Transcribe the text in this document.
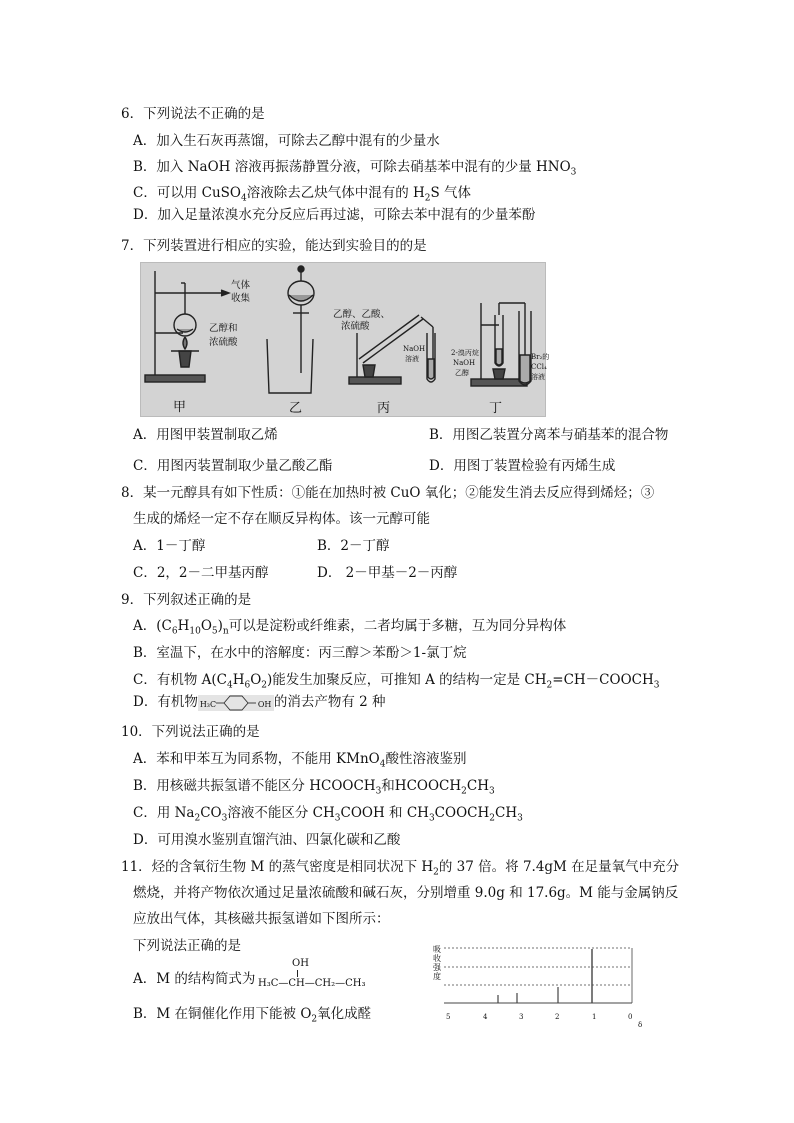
6．下列说法不正确的是
A．加入生石灰再蒸馏，可除去乙醇中混有的少量水
B．加入 NaOH 溶液再振荡静置分液，可除去硝基苯中混有的少量 $HNO_3$
C．可以用 CuSO$_4$溶液除去乙炔气体中混有的 $H_2S$ 气体
D．加入足量浓溴水充分反应后再过滤，可除去苯中混有的少量苯酚
7．下列装置进行相应的实验，能达到实验目的的是
气体
收集
乙醇和
浓硫酸
乙醇、乙酸、
浓硫酸
NaOH
溶液
2-溴丙烷
NaOH
乙醇
Br₂的
CCl₄
溶液
甲	乙	丙	丁
A．用图甲装置制取乙烯	B．用图乙装置分离苯与硝基苯的混合物
C．用图丙装置制取少量乙酸乙酯	D．用图丁装置检验有丙烯生成
8．某一元醇具有如下性质：①能在加热时被 CuO 氧化；②能发生消去反应得到烯烃；③
生成的烯烃一定不存在顺反异构体。该一元醇可能
A．1－丁醇	B．2－丁醇
C．2，2－二甲基丙醇	D． 2－甲基－2－丙醇
9．下列叙述正确的是
A．$(C_6H_{10}O_5)_n$可以是淀粉或纤维素，二者均属于多糖，互为同分异构体
B．室温下，在水中的溶解度：丙三醇＞苯酚＞1-氯丁烷
C．有机物 $A(C_4H_6O_2)$能发生加聚反应，可推知 A 的结构一定是 $CH_2=CH-COOCH_3$
D．有机物 H₃C	OH 的消去产物有 2 种
10．下列说法正确的是
A．苯和甲苯互为同系物，不能用 KMnO$_4$酸性溶液鉴别
B．用核磁共振氢谱不能区分 $HCOOCH_3$和$HCOOCH_2CH_3$
C．用 $Na_2CO_3$溶液不能区分 $CH_3COOH$ 和 $CH_3COOCH_2CH_3$
D．可用溴水鉴别直馏汽油、四氯化碳和乙酸
11．烃的含氧衍生物 M 的蒸气密度是相同状况下 $H_2$的 37 倍。将 7.4gM 在足量氧气中充分
燃烧，并将产物依次通过足量浓硫酸和碱石灰，分别增重 9.0g 和 17.6g。M 能与金属钠反
应放出气体，其核磁共振氢谱如下图所示：
下列说法正确的是
A．M 的结构简式为
OH
H₃C—CH—CH₂—CH₃
B．M 在铜催化作用下能被 $O_2$氧化成醛
吸收强度
5	4	3	2	1	0
δ
